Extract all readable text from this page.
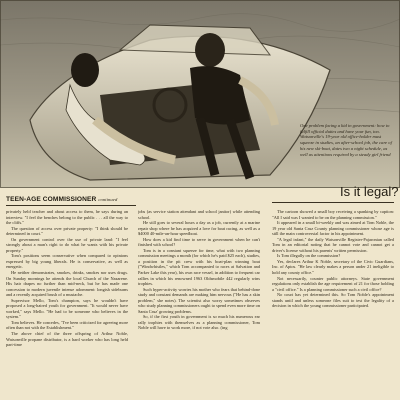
One problem facing a kid in government: how to fulfill official duties and have your fun, too. Watsonville's 19-year old office-holder must squeeze in studies, an after-school job, the care of his new ski-boat, dates two a night schedule, as well as attentions required by a steady girl friend
TEEN-AGE COMMISSIONER continued
Is it legal?

privately held teacher and about access to them, he says during an interview. "I feel the benches belong to the public . . . all the way to the cliffs."

The question of access over private property: "I think should be determined in court."

On government control over the use of private land: "I feel strongly about a man's right to do what he wants with his private property."

Tom's positions seem conservative when compared to opinions expressed by big young liberals. He is conservative, as well as energetic.

He neither demonstrates, smokes, drinks, smokes nor uses drugs. On Sunday mornings he attends the local Church of the Nazarene. His hair drapes no further than mid-neck, but he has made one concession to modern juvenile intense adornment: longish sideburns and a recently acquired brush of a mustache.

Supervisor Mello, Tom's champion, says he wouldn't have proposed a long-haired youth for government. "It would never have worked," says Mello. "He had to be someone who believes in the system."

Tom believes. He concedes, "I've been criticized for agreeing more often than not with the Establishment."

The above chief of the three offspring of Arthur Noble, Watsonville propane distributor, is a hard worker who has long held part-time

jobs (as service station attendant and school janitor) while attending school.

He still goes to several hours a day as a job, currently at a marine repair shop where he has acquired a love for boat racing, as well as a $4000 40-mile-an-hour speedboat.

How does a kid find time to serve in government when he can't finished with school?

Tom is in a constant squeeze for time, what with two planning commission meetings a month (for which he's paid $25 each), studies, a position in the pit crew with his boat-plan winning boat ("Windwhistles," which Tom accompanied to races at Salvation and Parker Lake this year), his own race vessel, in addition to frequent car rallies in which his renowned 1963 Oldsmobile 442 regularly wins trophies.

Such hyper-activity worries his mother who fears that behind-done study and constant demands are making him nervous ("He has a skin problem," she notes). The scientist also worry sometimes observes who study planning commissioners ought to spend even more time on Santa Cruz' growing problems.

So, if the first youth in government is so much his numerous ear rally trophies with themselves as a planning commissioner, Tom Noble will have to work more, if not vote also. (ing

The cartoon showed a small boy receiving a spanking by caption: "All I said was I wanted to be on the planning commission."

It appeared in a small bi-weekly and was aimed at Tom Noble, the 19 year old Santa Cruz County planning commissioner whose age is still the main controversial factor in his appointment.

"A legal infant," the daily Watsonville Register-Pajaronian called Tom in an editorial noting that he cannot vote and cannot get a driver's license without his parents' written permission.

Is Tom illegally on the commission?

Yes, declares Arthur K Noble, secretary of the Civic Guardians, Inc. of Aptos. "He law clearly makes a person under 21 ineligible to hold any county office."

Not necessarily, counter public attorneys. State government regulations only establish the age requirement of 21 for those holding a "civil office." Is a planning commissioner such a civil office?

No court has yet determined this. So Tom Noble's appointment stands until and unless someone files suit to test the legality of a decision in which the young commissioner participated.
